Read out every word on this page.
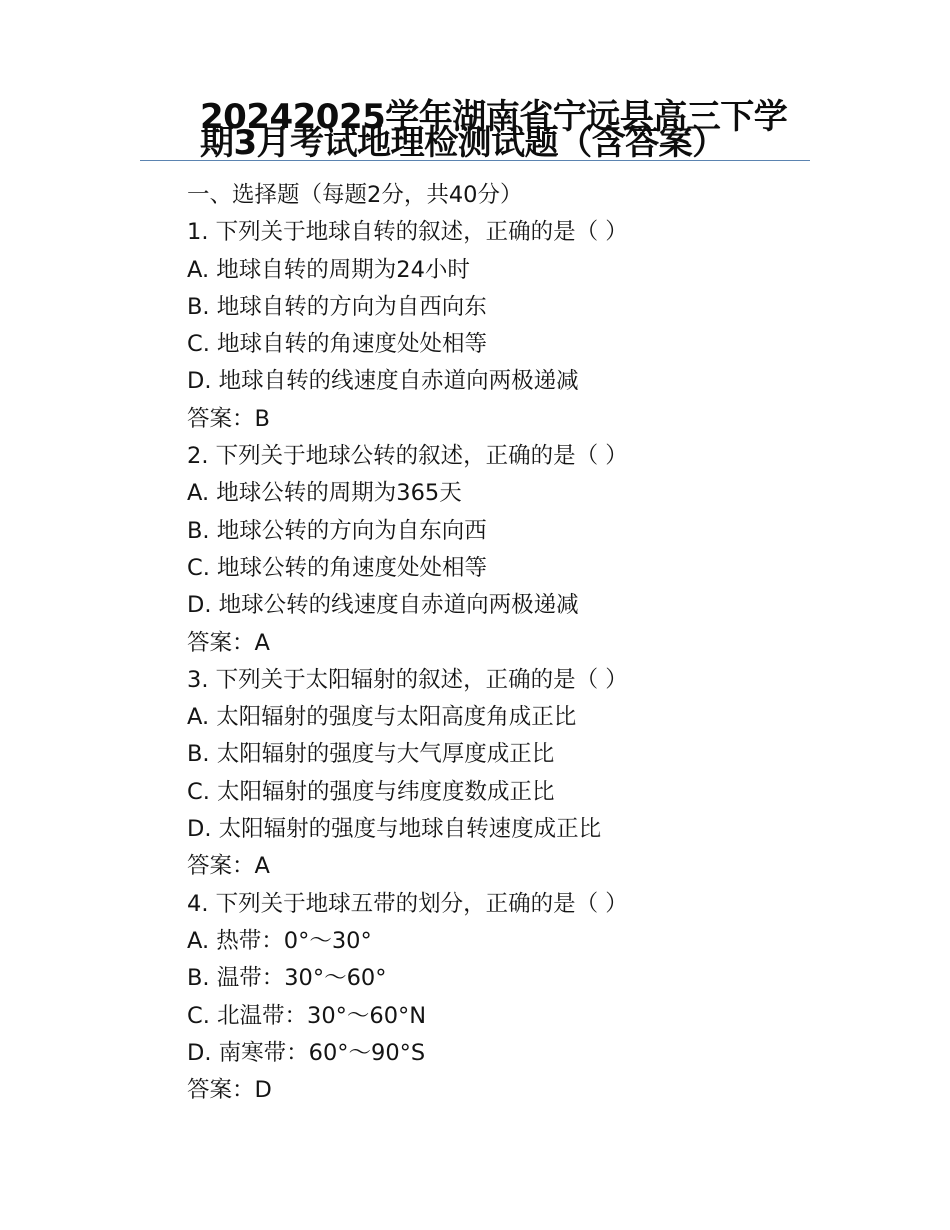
20242025学年湖南省宁远县高三下学期3月考试地理检测试题（含答案）
一、选择题（每题2分，共40分）
1. 下列关于地球自转的叙述，正确的是（ ）
A. 地球自转的周期为24小时
B. 地球自转的方向为自西向东
C. 地球自转的角速度处处相等
D. 地球自转的线速度自赤道向两极递减
答案：B
2. 下列关于地球公转的叙述，正确的是（ ）
A. 地球公转的周期为365天
B. 地球公转的方向为自东向西
C. 地球公转的角速度处处相等
D. 地球公转的线速度自赤道向两极递减
答案：A
3. 下列关于太阳辐射的叙述，正确的是（ ）
A. 太阳辐射的强度与太阳高度角成正比
B. 太阳辐射的强度与大气厚度成正比
C. 太阳辐射的强度与纬度度数成正比
D. 太阳辐射的强度与地球自转速度成正比
答案：A
4. 下列关于地球五带的划分，正确的是（ ）
A. 热带：0°～30°
B. 温带：30°～60°
C. 北温带：30°～60°N
D. 南寒带：60°～90°S
答案：D
